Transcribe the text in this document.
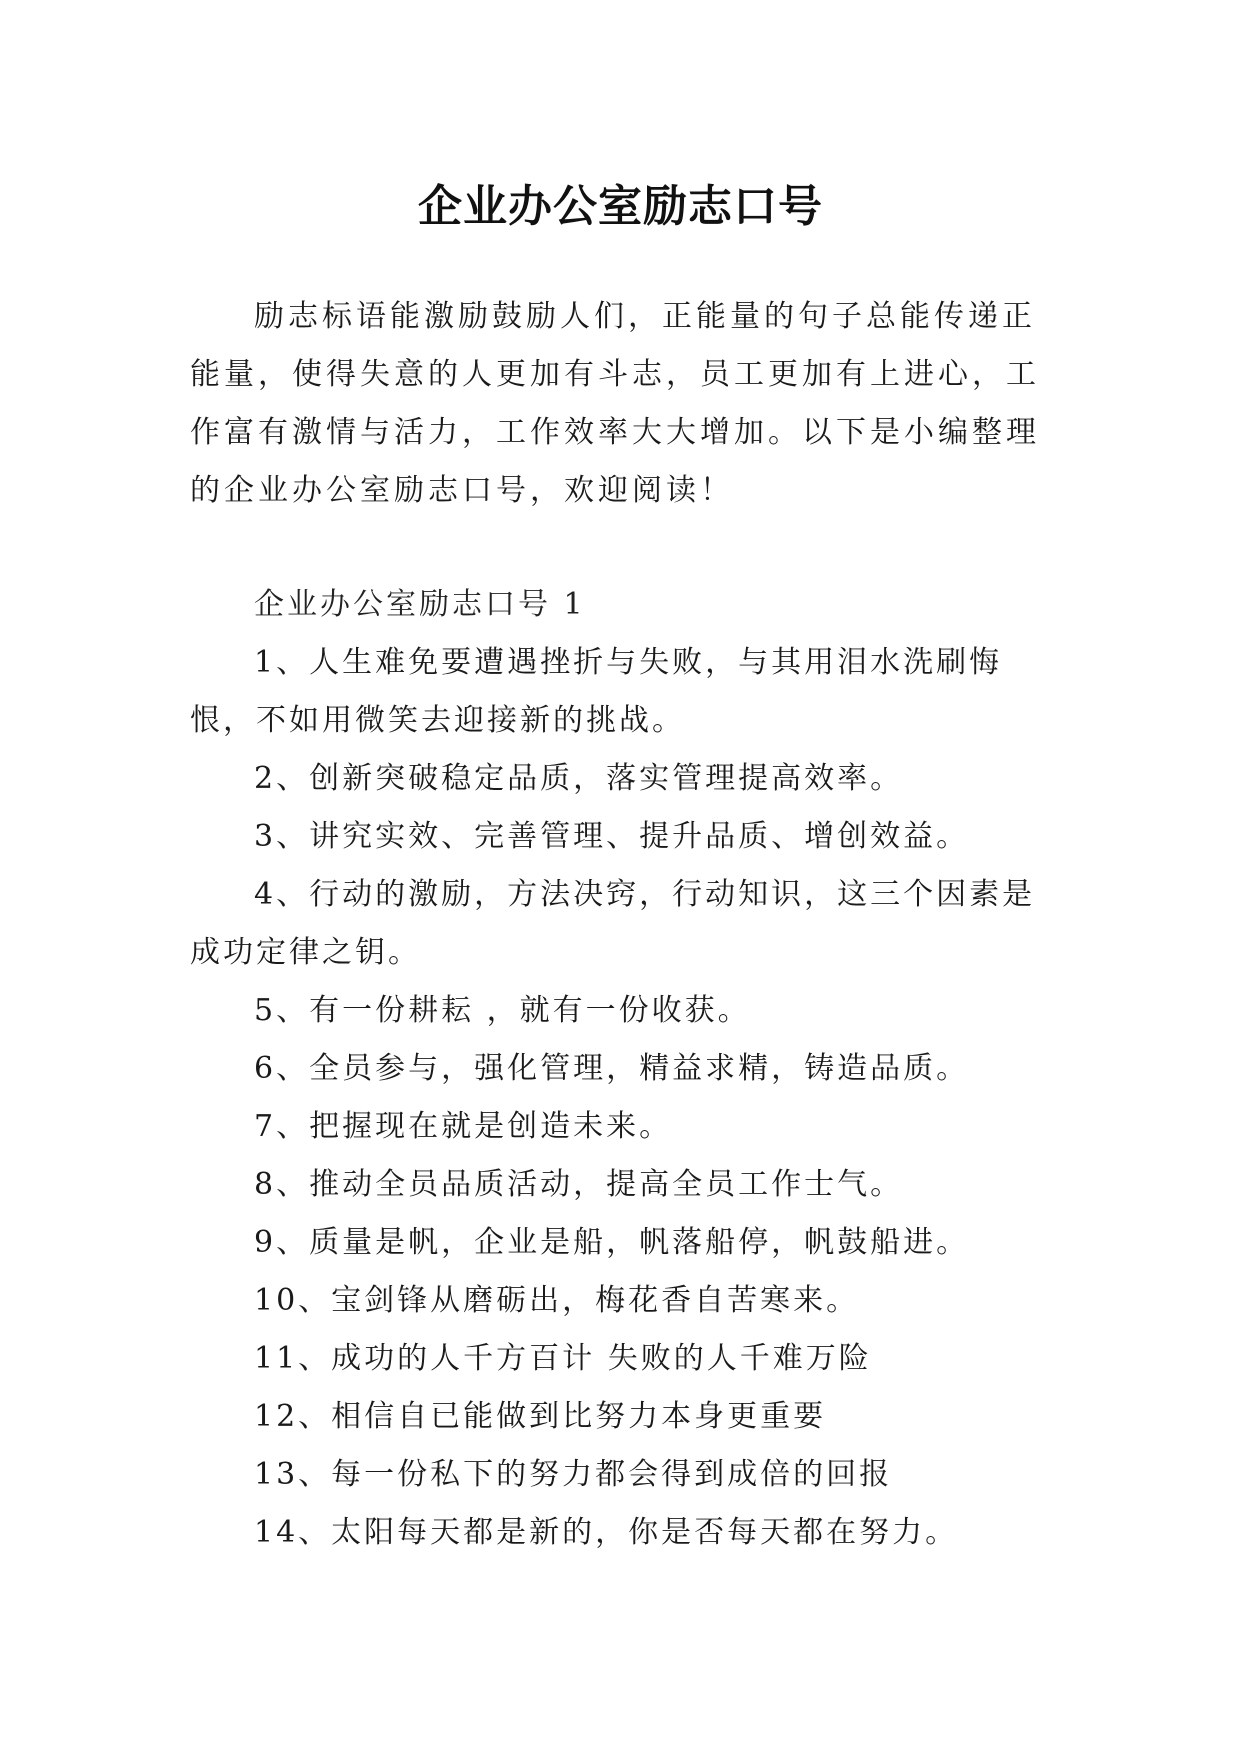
企业办公室励志口号

励志标语能激励鼓励人们，正能量的句子总能传递正能量，使得失意的人更加有斗志，员工更加有上进心，工作富有激情与活力，工作效率大大增加。以下是小编整理的企业办公室励志口号，欢迎阅读！

企业办公室励志口号 1

1、人生难免要遭遇挫折与失败，与其用泪水洗刷悔恨，不如用微笑去迎接新的挑战。
2、创新突破稳定品质，落实管理提高效率。
3、讲究实效、完善管理、提升品质、增创效益。
4、行动的激励，方法决窍，行动知识，这三个因素是成功定律之钥。
5、有一份耕耘 ，就有一份收获。
6、全员参与，强化管理，精益求精，铸造品质。
7、把握现在就是创造未来。
8、推动全员品质活动，提高全员工作士气。
9、质量是帆，企业是船，帆落船停，帆鼓船进。
10、宝剑锋从磨砺出，梅花香自苦寒来。
11、成功的人千方百计 失败的人千难万险
12、相信自已能做到比努力本身更重要
13、每一份私下的努力都会得到成倍的回报
14、太阳每天都是新的，你是否每天都在努力。
